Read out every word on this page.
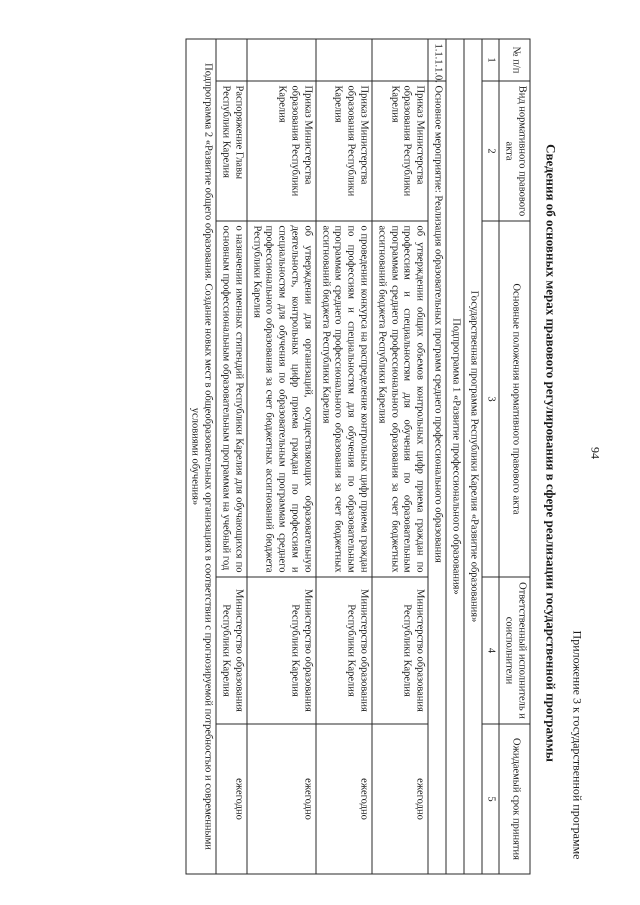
94
Приложение 3 к государственной программе
Сведения об основных мерах правового регулирования в сфере реализации государственной программы
№ п/п	Вид нормативного правового акта	Основные положения нормативного правового акта	Ответственный исполнитель и соисполнители	Ожидаемый срок принятия
1	2	3	4	5
Государственная программа Республики Карелия «Развитие образования»				
Подпрограмма 1 «Развитие профессионального образования»				
1.1.1.1.0.	Основное мероприятие: Реализация образовательных программ среднего профессионального образования			
	Приказ Министерства образования Республики Карелия	об утверждении общих объемов контрольных цифр приема граждан по профессиям и специальностям для обучения по образовательным программам среднего профессионального образования за счет бюджетных ассигнований бюджета Республики Карелия	Министерство образования Республики Карелия	ежегодно
	Приказ Министерства образования Республики Карелия	о проведении конкурса на распределение контрольных цифр приема граждан по профессиям и специальностям для обучения по образовательным программам среднего профессионального образования за счет бюджетных ассигнований бюджета Республики Карелия	Министерство образования Республики Карелия	ежегодно
	Приказ Министерства образования Республики Карелия	об утверждении для организаций, осуществляющих образовательную деятельность, контрольных цифр приема граждан по профессиям и специальностям для обучения по образовательным программам среднего профессионального образования за счет бюджетных ассигнований бюджета Республики Карелия	Министерство образования Республики Карелия	ежегодно
	Распоряжение Главы Республики Карелия	о назначении именных стипендий Республики Карелия для обучающихся по основным профессиональным образовательным программам на учебный год	Министерство образования Республики Карелия	ежегодно
Подпрограмма 2 «Развитие общего образования. Создание новых мест в общеобразовательных организациях в соответствии с прогнозируемой потребностью и современными условиями обучения»				
